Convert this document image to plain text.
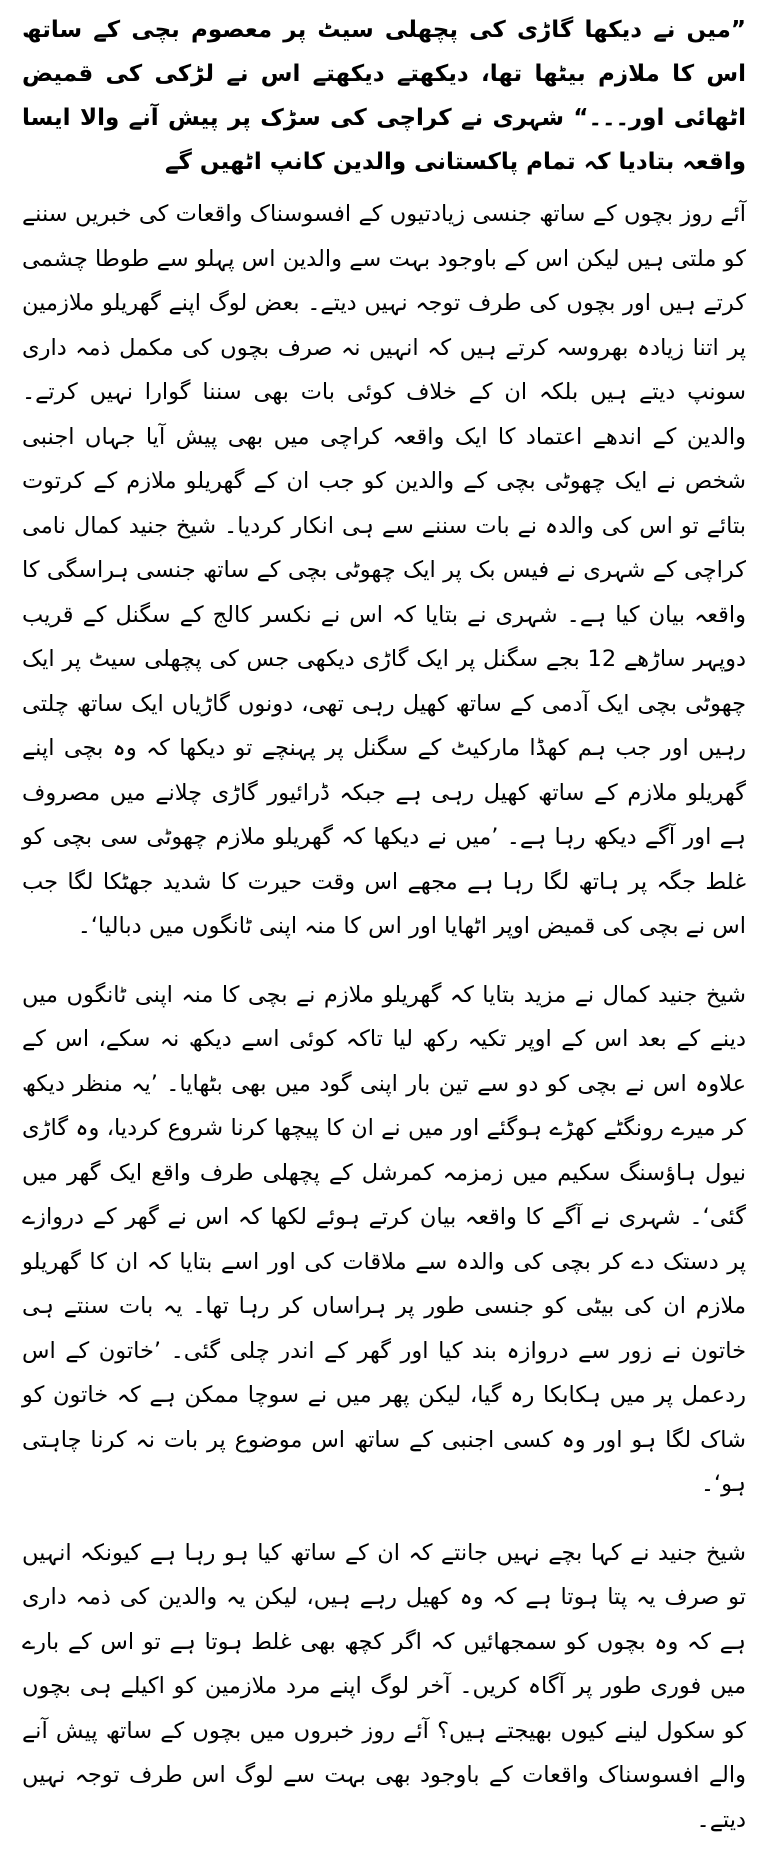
”میں نے دیکھا گاڑی کی پچھلی سیٹ پر معصوم بچی کے ساتھ اس کا ملازم بیٹھا تھا، دیکھتے دیکھتے اس نے لڑکی کی قمیض اٹھائی اور۔۔۔“ شہری نے کراچی کی سڑک پر پیش آنے والا ایسا واقعہ بتادیا کہ تمام پاکستانی والدین کانپ اٹھیں گے

آئے روز بچوں کے ساتھ جنسی زیادتیوں کے افسوسناک واقعات کی خبریں سننے کو ملتی ہیں لیکن اس کے باوجود بہت سے والدین اس پہلو سے طوطا چشمی کرتے ہیں اور بچوں کی طرف توجہ نہیں دیتے۔ بعض لوگ اپنے گھریلو ملازمین پر اتنا زیادہ بھروسہ کرتے ہیں کہ انہیں نہ صرف بچوں کی مکمل ذمہ داری سونپ دیتے ہیں بلکہ ان کے خلاف کوئی بات بھی سننا گوارا نہیں کرتے۔ والدین کے اندھے اعتماد کا ایک واقعہ کراچی میں بھی پیش آیا جہاں اجنبی شخص نے ایک چھوٹی بچی کے والدین کو جب ان کے گھریلو ملازم کے کرتوت بتائے تو اس کی والدہ نے بات سننے سے ہی انکار کردیا۔ شیخ جنید کمال نامی کراچی کے شہری نے فیس بک پر ایک چھوٹی بچی کے ساتھ جنسی ہراسگی کا واقعہ بیان کیا ہے۔ شہری نے بتایا کہ اس نے نکسر کالج کے سگنل کے قریب دوپہر ساڑھے 12 بجے سگنل پر ایک گاڑی دیکھی جس کی پچھلی سیٹ پر ایک چھوٹی بچی ایک آدمی کے ساتھ کھیل رہی تھی، دونوں گاڑیاں ایک ساتھ چلتی رہیں اور جب ہم کھڈا مارکیٹ کے سگنل پر پہنچے تو دیکھا کہ وہ بچی اپنے گھریلو ملازم کے ساتھ کھیل رہی ہے جبکہ ڈرائیور گاڑی چلانے میں مصروف ہے اور آگے دیکھ رہا ہے۔ ’میں نے دیکھا کہ گھریلو ملازم چھوٹی سی بچی کو غلط جگہ پر ہاتھ لگا رہا ہے مجھے اس وقت حیرت کا شدید جھٹکا لگا جب اس نے بچی کی قمیض اوپر اٹھایا اور اس کا منہ اپنی ٹانگوں میں دبالیا‘۔

شیخ جنید کمال نے مزید بتایا کہ گھریلو ملازم نے بچی کا منہ اپنی ٹانگوں میں دینے کے بعد اس کے اوپر تکیہ رکھ لیا تاکہ کوئی اسے دیکھ نہ سکے، اس کے علاوہ اس نے بچی کو دو سے تین بار اپنی گود میں بھی بٹھایا۔ ’یہ منظر دیکھ کر میرے رونگٹے کھڑے ہوگئے اور میں نے ان کا پیچھا کرنا شروع کردیا، وہ گاڑی نیول ہاﺅسنگ سکیم میں زمزمہ کمرشل کے پچھلی طرف واقع ایک گھر میں گئی‘۔ شہری نے آگے کا واقعہ بیان کرتے ہوئے لکھا کہ اس نے گھر کے دروازے پر دستک دے کر بچی کی والدہ سے ملاقات کی اور اسے بتایا کہ ان کا گھریلو ملازم ان کی بیٹی کو جنسی طور پر ہراساں کر رہا تھا۔ یہ بات سنتے ہی خاتون نے زور سے دروازہ بند کیا اور گھر کے اندر چلی گئی۔ ’خاتون کے اس ردعمل پر میں ہکابکا رہ گیا، لیکن پھر میں نے سوچا ممکن ہے کہ خاتون کو شاک لگا ہو اور وہ کسی اجنبی کے ساتھ اس موضوع پر بات نہ کرنا چاہتی ہو‘۔

شیخ جنید نے کہا بچے نہیں جانتے کہ ان کے ساتھ کیا ہو رہا ہے کیونکہ انہیں تو صرف یہ پتا ہوتا ہے کہ وہ کھیل رہے ہیں، لیکن یہ والدین کی ذمہ داری ہے کہ وہ بچوں کو سمجھائیں کہ اگر کچھ بھی غلط ہوتا ہے تو اس کے بارے میں فوری طور پر آگاہ کریں۔ آخر لوگ اپنے مرد ملازمین کو اکیلے ہی بچوں کو سکول لینے کیوں بھیجتے ہیں؟ آئے روز خبروں میں بچوں کے ساتھ پیش آنے والے افسوسناک واقعات کے باوجود بھی بہت سے لوگ اس طرف توجہ نہیں دیتے۔
